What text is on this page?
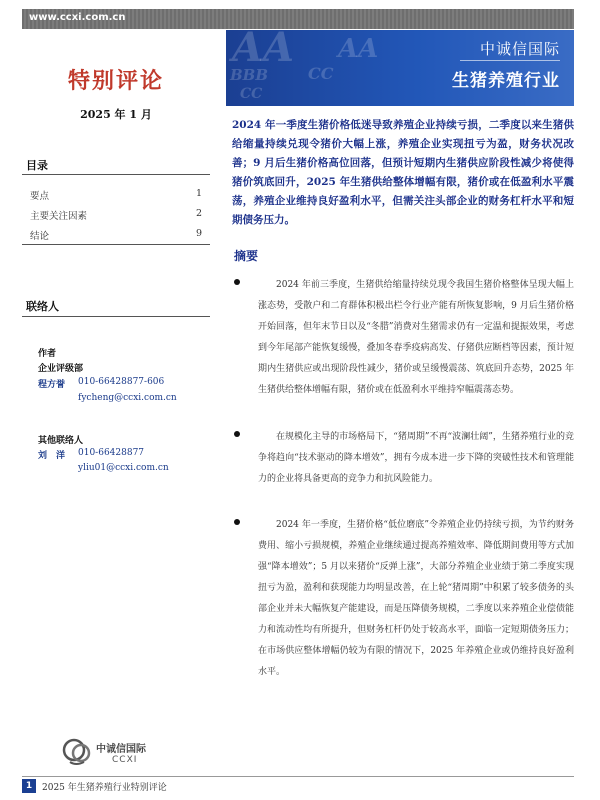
www.ccxi.com.cn
特别评论
2025 年 1 月
目录
要点	1
主要关注因素	2
结论	9
联络人
作者
企业评级部
程方誉 010-66428877-606
fycheng@ccxi.com.cn
其他联络人
刘　洋 010-66428877
yliu01@ccxi.com.cn
AA
BBB CC
AA
CC
中诚信国际
生猪养殖行业
2024 年一季度生猪价格低迷导致养殖企业持续亏损，二季度以来生猪供给缩量持续兑现令猪价大幅上涨，养殖企业实现扭亏为盈，财务状况改善；9 月后生猪价格高位回落，但预计短期内生猪供应阶段性减少将使得猪价筑底回升，2025 年生猪供给整体增幅有限，猪价或在低盈利水平震荡，养殖企业维持良好盈利水平，但需关注头部企业的财务杠杆水平和短期债务压力。
摘要
2024 年前三季度，生猪供给缩量持续兑现令我国生猪价格整体呈现大幅上涨态势，受散户和二育群体积极出栏令行业产能有所恢复影响，9 月后生猪价格开始回落，但年末节日以及“冬腊”消费对生猪需求仍有一定温和提振效果，考虑到今年尾部产能恢复缓慢，叠加冬春季疫病高发、仔猪供应断档等因素，预计短期内生猪供应或出现阶段性减少，猪价或呈缓慢震荡、筑底回升态势，2025 年生猪供给整体增幅有限，猪价或在低盈利水平维持窄幅震荡态势。
在规模化主导的市场格局下，“猪周期”不再“波澜壮阔”，生猪养殖行业的竞争将趋向“技术驱动的降本增效”，拥有今成本进一步下降的突破性技术和管理能力的企业将具备更高的竞争力和抗风险能力。
2024 年一季度，生猪价格“低位磨底”令养殖企业仍持续亏损，为节约财务费用、缩小亏损规模，养殖企业继续通过提高养殖效率、降低期间费用等方式加强“降本增效”；5 月以来猪价“反弹上涨”，大部分养殖企业业绩于第二季度实现扭亏为盈，盈利和获现能力均明显改善，在上轮“猪周期”中积累了较多债务的头部企业并未大幅恢复产能建设，而是压降债务规模，二季度以来养殖企业偿债能力和流动性均有所提升，但财务杠杆仍处于较高水平，面临一定短期债务压力；在市场供应整体增幅仍较为有限的情况下，2025 年养殖企业或仍维持良好盈利水平。
中诚信国际
CCXI
1	2025 年生猪养殖行业特别评论
